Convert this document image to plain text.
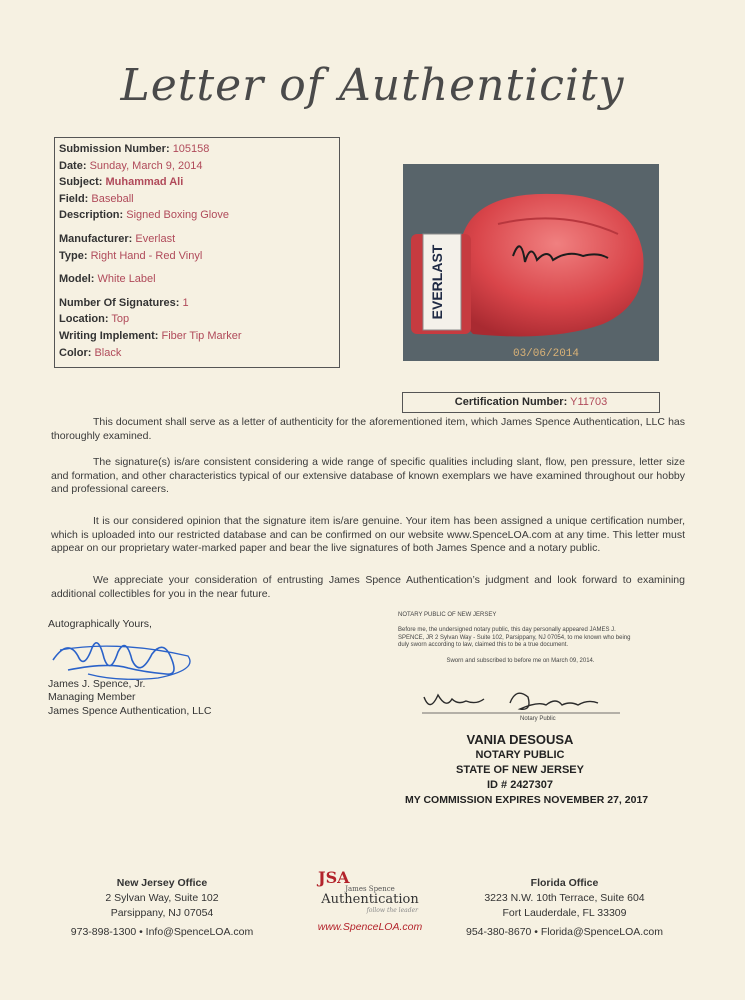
Letter of Authenticity
Submission Number: 105158
Date: Sunday, March 9, 2014
Subject: Muhammad Ali
Field: Baseball
Description: Signed Boxing Glove
Manufacturer: Everlast
Type: Right Hand - Red Vinyl
Model: White Label
Number Of Signatures: 1
Location: Top
Writing Implement: Fiber Tip Marker
Color: Black
EVERLAST
03/06/2014
Certification Number: Y11703
This document shall serve as a letter of authenticity for the aforementioned item, which James Spence Authentication, LLC has thoroughly examined.
The signature(s) is/are consistent considering a wide range of specific qualities including slant, flow, pen pressure, letter size and formation, and other characteristics typical of our extensive database of known exemplars we have examined throughout our hobby and professional careers.
It is our considered opinion that the signature item is/are genuine. Your item has been assigned a unique certification number, which is uploaded into our restricted database and can be confirmed on our website www.SpenceLOA.com at any time. This letter must appear on our proprietary water-marked paper and bear the live signatures of both James Spence and a notary public.
We appreciate your consideration of entrusting James Spence Authentication’s judgment and look forward to examining additional collectibles for you in the near future.
Autographically Yours,
James J. Spence, Jr.
Managing Member
James Spence Authentication, LLC
NOTARY PUBLIC OF NEW JERSEY
Before me, the undersigned notary public, this day personally appeared JAMES J. SPENCE, JR 2 Sylvan Way - Suite 102, Parsippany, NJ 07054, to me known who being duly sworn according to law, claimed this to be a true document.
Sworn and subscribed to before me on March 09, 2014.
Notary Public
VANIA DESOUSA
NOTARY PUBLIC
STATE OF NEW JERSEY
ID # 2427307
MY COMMISSION EXPIRES NOVEMBER 27, 2017
New Jersey Office
2 Sylvan Way, Suite 102
Parsippany, NJ 07054
973-898-1300 • Info@SpenceLOA.com
JSA
James Spence
Authentication
follow the leader
www.SpenceLOA.com
Florida Office
3223 N.W. 10th Terrace, Suite 604
Fort Lauderdale, FL 33309
954-380-8670 • Florida@SpenceLOA.com
